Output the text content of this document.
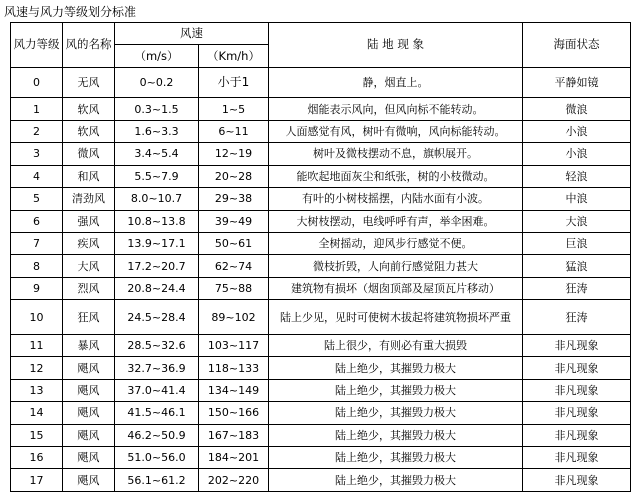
风速与风力等级划分标准
风力等级	风的名称	风速		陆 地 现 象	海面状态
		（m/s）	（Km/h）		
0	无风	0~0.2	小于1	静，烟直上。	平静如镜
1	软风	0.3~1.5	1~5	烟能表示风向，但风向标不能转动。	微浪
2	软风	1.6~3.3	6~11	人面感觉有风，树叶有微响，风向标能转动。	小浪
3	微风	3.4~5.4	12~19	树叶及微枝摆动不息，旗帜展开。	小浪
4	和风	5.5~7.9	20~28	能吹起地面灰尘和纸张，树的小枝微动。	轻浪
5	清劲风	8.0~10.7	29~38	有叶的小树枝摇摆，内陆水面有小波。	中浪
6	强风	10.8~13.8	39~49	大树枝摆动，电线呼呼有声，举伞困难。	大浪
7	疾风	13.9~17.1	50~61	全树摇动，迎风步行感觉不便。	巨浪
8	大风	17.2~20.7	62~74	微枝折毁，人向前行感觉阻力甚大	猛浪
9	烈风	20.8~24.4	75~88	建筑物有损坏（烟囱顶部及屋顶瓦片移动）	狂涛
10	狂风	24.5~28.4	89~102	陆上少见，见时可使树木拔起将建筑物损坏严重	狂涛
11	暴风	28.5~32.6	103~117	陆上很少，有则必有重大损毁	非凡现象
12	飓风	32.7~36.9	118~133	陆上绝少，其摧毁力极大	非凡现象
13	飓风	37.0~41.4	134~149	陆上绝少，其摧毁力极大	非凡现象
14	飓风	41.5~46.1	150~166	陆上绝少，其摧毁力极大	非凡现象
15	飓风	46.2~50.9	167~183	陆上绝少，其摧毁力极大	非凡现象
16	飓风	51.0~56.0	184~201	陆上绝少，其摧毁力极大	非凡现象
17	飓风	56.1~61.2	202~220	陆上绝少，其摧毁力极大	非凡现象
